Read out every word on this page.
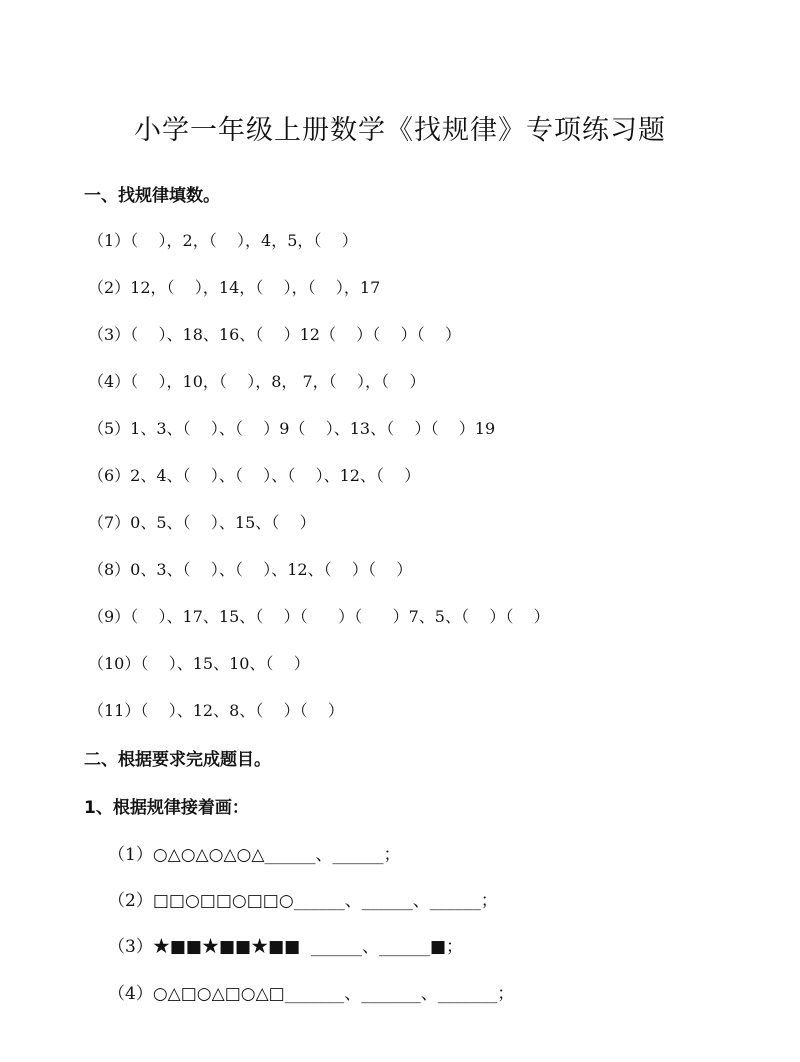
小学一年级上册数学《找规律》专项练习题
一、找规律填数。
（1）（    ），2，（    ），4，5，（    ）
（2）12，（    ），14，（    ），（    ），17
（3）（    ）、18、16、（    ）12（    ）（    ）（    ）
（4）（    ），10，（    ），8， 7，（    ），（    ）
（5）1、3、（    ）、（    ）9（    ）、13、（    ）（    ）19
（6）2、4、（    ）、（    ）、（    ）、12、（    ）
（7）0、5、（    ）、15、（    ）
（8）0、3、（    ）、（    ）、12、（    ）（    ）
（9）（    ）、17、15、（    ）（      ）（      ）7、5、（    ）（    ）
（10）（    ）、15、10、（    ）
（11）（    ）、12、8、（    ）（    ）
二、根据要求完成题目。
1、根据规律接着画：
（1）○△○△○△○△______、______；
（2）□□○□□○□□○______、______、______；
（3）★■■★■■★■■  ______、______■；
（4）○△□○△□○△□_______、_______、_______；
